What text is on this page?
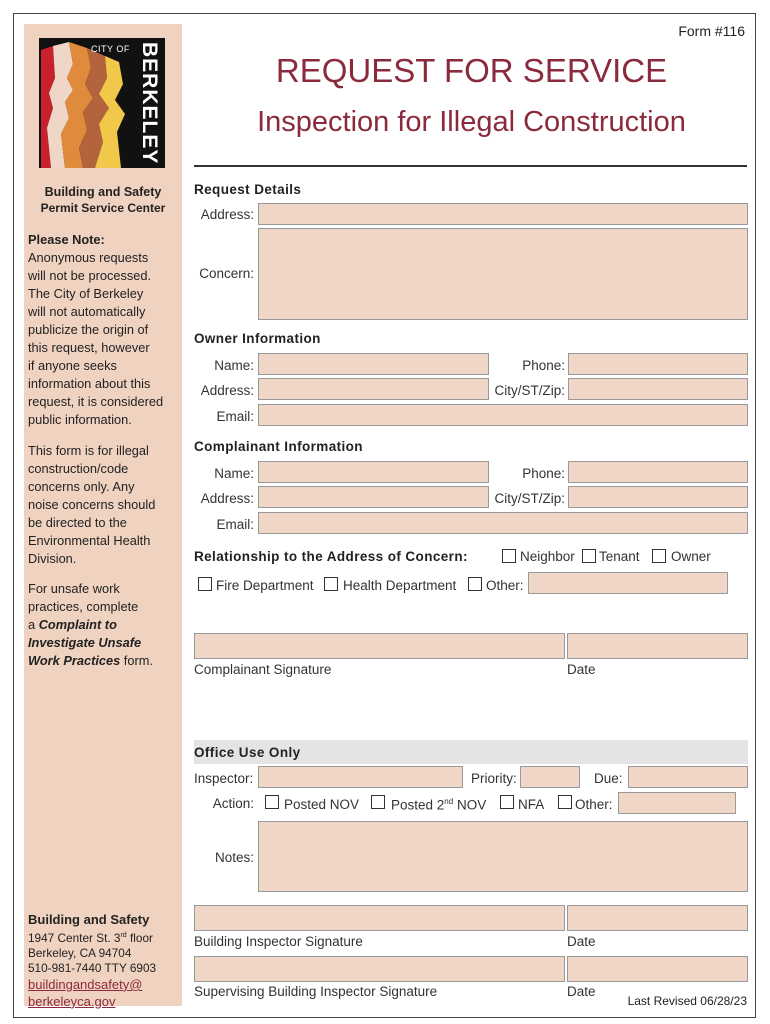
CITY OF BERKELEY
Building and Safety
Permit Service Center
Please Note:
Anonymous requests
will not be processed.
The City of Berkeley
will not automatically
publicize the origin of
this request, however
if anyone seeks
information about this
request, it is considered
public information.
This form is for illegal
construction/code
concerns only. Any
noise concerns should
be directed to the
Environmental Health
Division.
For unsafe work
practices, complete
a Complaint to
Investigate Unsafe
Work Practices form.
Building and Safety
1947 Center St. 3rd floor
Berkeley, CA 94704
510-981-7440 TTY 6903
buildingandsafety@
berkeleyca.gov
Form #116
REQUEST FOR SERVICE
Inspection for Illegal Construction
Request Details
Address:
Concern:
Owner Information
Name:	Phone:
Address:	City/ST/Zip:
Email:
Complainant Information
Name:	Phone:
Address:	City/ST/Zip:
Email:
Relationship to the Address of Concern:	Neighbor Tenant Owner
Fire Department Health Department Other:
Complainant Signature	Date
Office Use Only
Inspector:	Priority:	Due:
Action: Posted NOV Posted 2nd NOV NFA Other:
Notes:
Building Inspector Signature	Date
Supervising Building Inspector Signature	Date
Last Revised 06/28/23
